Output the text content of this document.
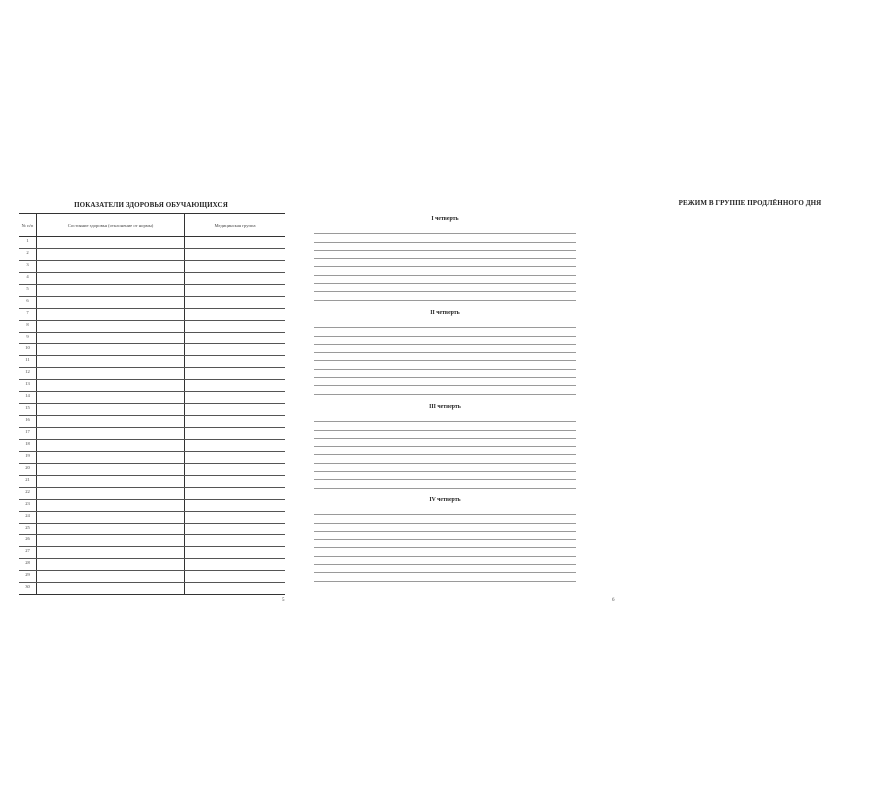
ПОКАЗАТЕЛИ ЗДОРОВЬЯ ОБУЧАЮЩИХСЯ
№ п/п	Состояние здоровья (отклонение от нормы)	Медицинская группа
1		
2		
3		
4		
5		
6		
7		
8		
9		
10		
11		
12		
13		
14		
15		
16		
17		
18		
19		
20		
21		
22		
23		
24		
25		
26		
27		
28		
29		
30		
5
РЕЖИМ В ГРУППЕ ПРОДЛЁННОГО ДНЯ
6
I четверть
II четверть
III четверть
IV четверть
